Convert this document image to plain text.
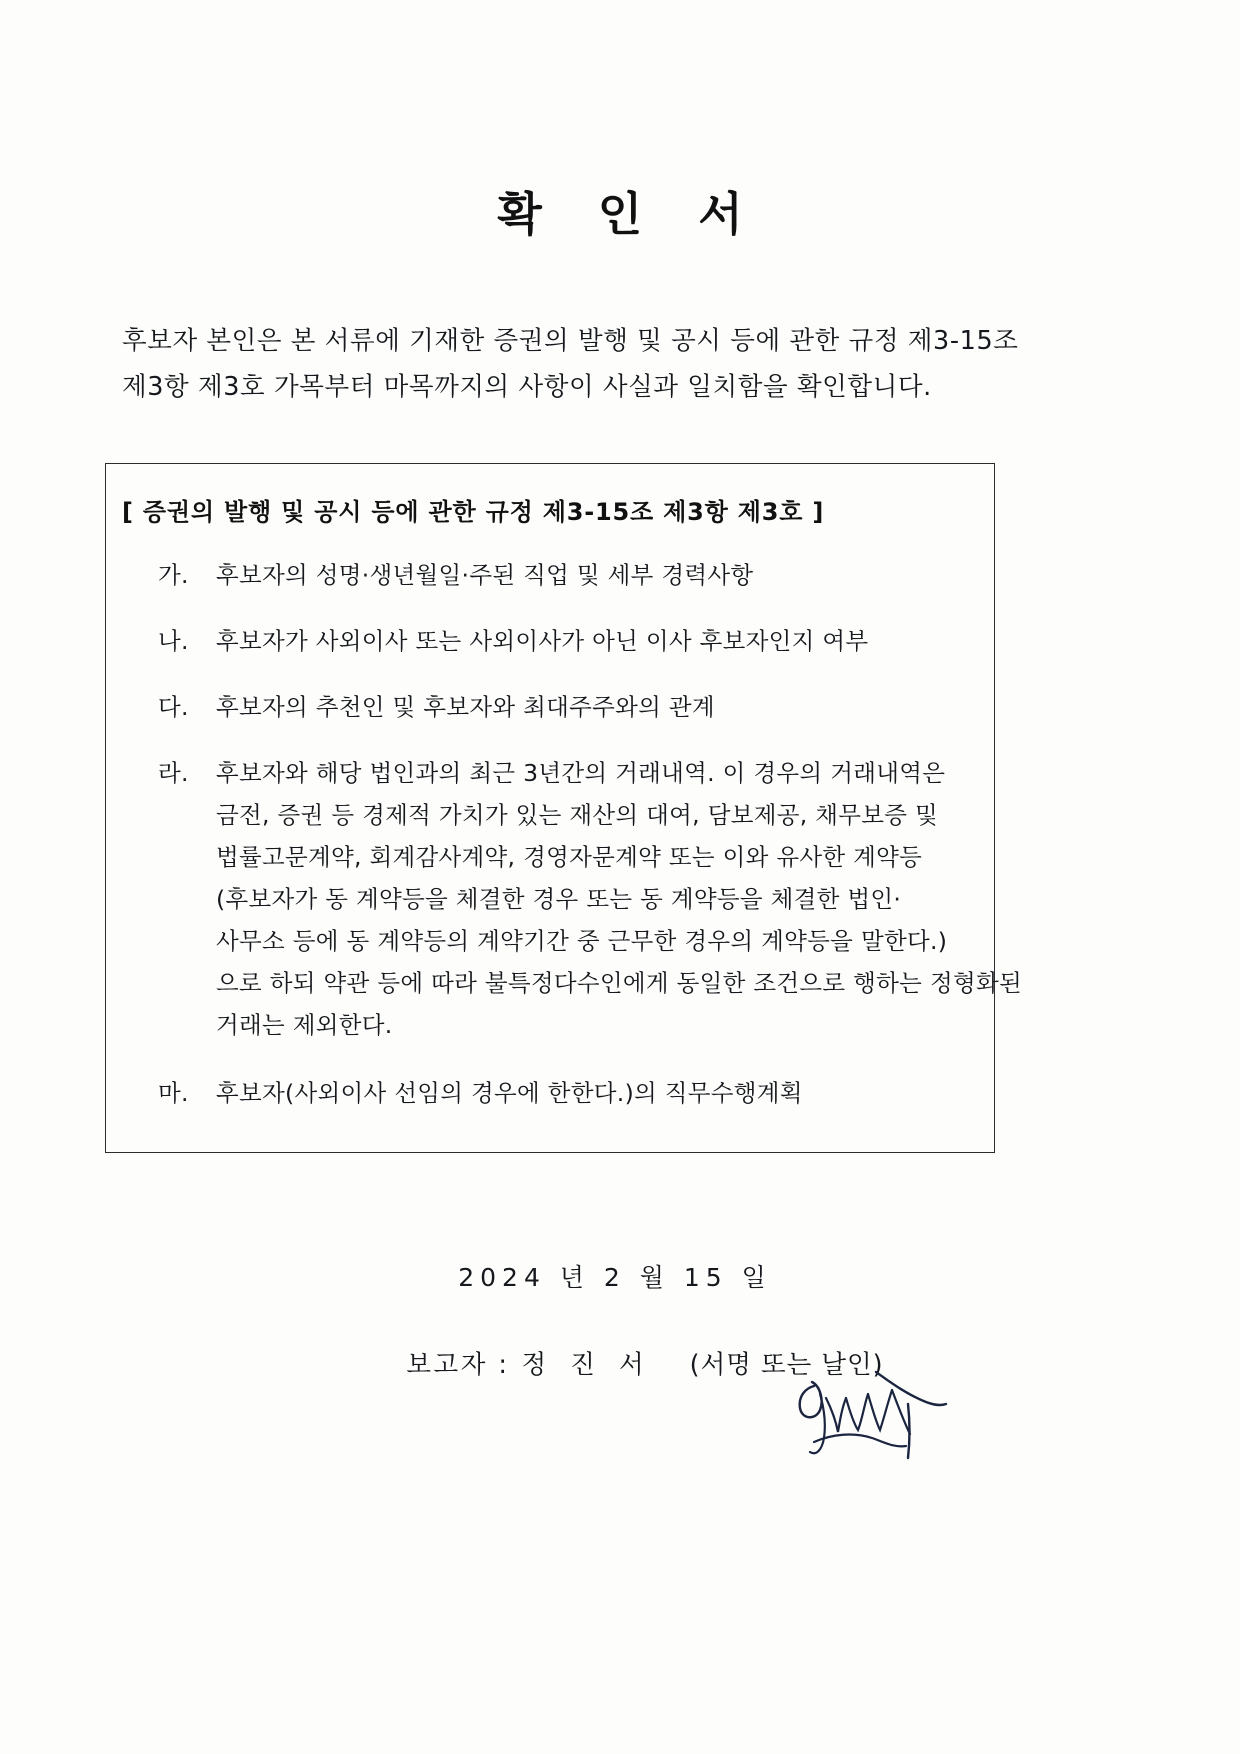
확 인 서
후보자 본인은 본 서류에 기재한 증권의 발행 및 공시 등에 관한 규정 제3-15조
제3항 제3호 가목부터 마목까지의 사항이 사실과 일치함을 확인합니다.
[ 증권의 발행 및 공시 등에 관한 규정 제3-15조 제3항 제3호 ]
가.	후보자의 성명·생년월일·주된 직업 및 세부 경력사항
나.	후보자가 사외이사 또는 사외이사가 아닌 이사 후보자인지 여부
다.	후보자의 추천인 및 후보자와 최대주주와의 관계
라.	후보자와 해당 법인과의 최근 3년간의 거래내역. 이 경우의 거래내역은
금전, 증권 등 경제적 가치가 있는 재산의 대여, 담보제공, 채무보증 및
법률고문계약, 회계감사계약, 경영자문계약 또는 이와 유사한 계약등
(후보자가 동 계약등을 체결한 경우 또는 동 계약등을 체결한 법인·
사무소 등에 동 계약등의 계약기간 중 근무한 경우의 계약등을 말한다.)
으로 하되 약관 등에 따라 불특정다수인에게 동일한 조건으로 행하는 정형화된
거래는 제외한다.
마.	후보자(사외이사 선임의 경우에 한한다.)의 직무수행계획
2024 년 2 월 15 일
보고자 : 정 진 서 (서명 또는 날인)
